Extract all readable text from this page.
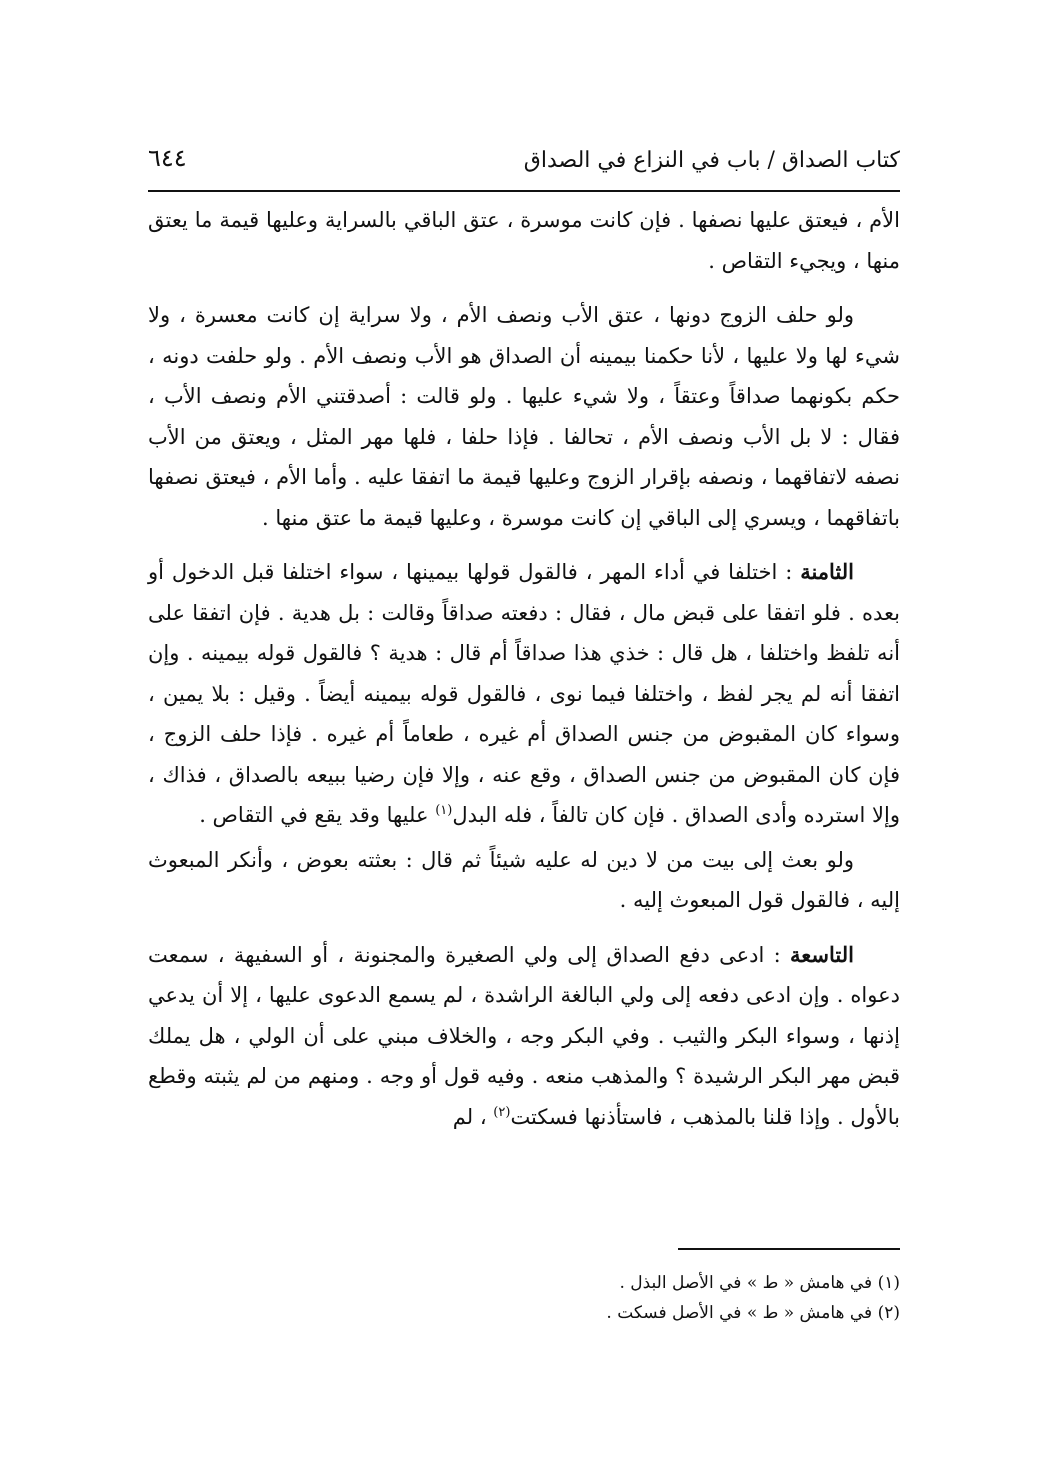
كتاب الصداق / باب في النزاع في الصداق
٦٤٤

الأم ، فيعتق عليها نصفها . فإن كانت موسرة ، عتق الباقي بالسراية وعليها قيمة ما يعتق منها ، ويجيء التقاص .

ولو حلف الزوج دونها ، عتق الأب ونصف الأم ، ولا سراية إن كانت معسرة ، ولا شيء لها ولا عليها ، لأنا حكمنا بيمينه أن الصداق هو الأب ونصف الأم . ولو حلفت دونه ، حكم بكونهما صداقاً وعتقاً ، ولا شيء عليها . ولو قالت : أصدقتني الأم ونصف الأب ، فقال : لا بل الأب ونصف الأم ، تحالفا . فإذا حلفا ، فلها مهر المثل ، ويعتق من الأب نصفه لاتفاقهما ، ونصفه بإقرار الزوج وعليها قيمة ما اتفقا عليه . وأما الأم ، فيعتق نصفها باتفاقهما ، ويسري إلى الباقي إن كانت موسرة ، وعليها قيمة ما عتق منها .

الثامنة : اختلفا في أداء المهر ، فالقول قولها بيمينها ، سواء اختلفا قبل الدخول أو بعده . فلو اتفقا على قبض مال ، فقال : دفعته صداقاً وقالت : بل هدية . فإن اتفقا على أنه تلفظ واختلفا ، هل قال : خذي هذا صداقاً أم قال : هدية ؟ فالقول قوله بيمينه . وإن اتفقا أنه لم يجر لفظ ، واختلفا فيما نوى ، فالقول قوله بيمينه أيضاً . وقيل : بلا يمين ، وسواء كان المقبوض من جنس الصداق أم غيره ، طعاماً أم غيره . فإذا حلف الزوج ، فإن كان المقبوض من جنس الصداق ، وقع عنه ، وإلا فإن رضيا ببيعه بالصداق ، فذاك ، وإلا استرده وأدى الصداق . فإن كان تالفاً ، فله البدل$^{(١)}$ عليها وقد يقع في التقاص .

ولو بعث إلى بيت من لا دين له عليه شيئاً ثم قال : بعثته بعوض ، وأنكر المبعوث إليه ، فالقول قول المبعوث إليه .

التاسعة : ادعى دفع الصداق إلى ولي الصغيرة والمجنونة ، أو السفيهة ، سمعت دعواه . وإن ادعى دفعه إلى ولي البالغة الراشدة ، لم يسمع الدعوى عليها ، إلا أن يدعي إذنها ، وسواء البكر والثيب . وفي البكر وجه ، والخلاف مبني على أن الولي ، هل يملك قبض مهر البكر الرشيدة ؟ والمذهب منعه . وفيه قول أو وجه . ومنهم من لم يثبته وقطع بالأول . وإذا قلنا بالمذهب ، فاستأذنها فسكتت$^{(٢)}$ ، لم

(١) في هامش « ط » في الأصل البذل .

(٢) في هامش « ط » في الأصل فسكت .
